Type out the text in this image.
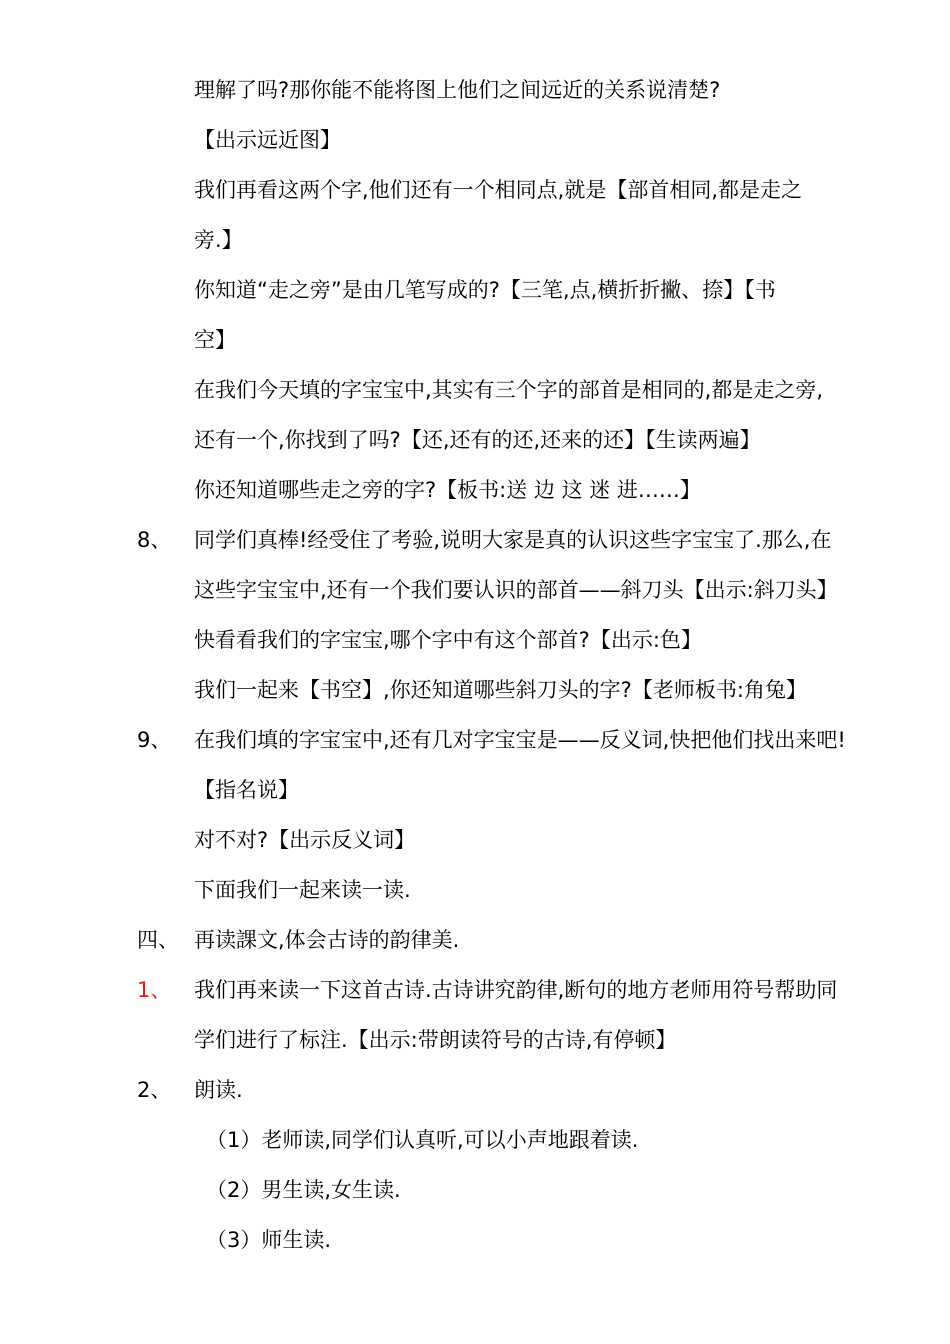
理解了吗?那你能不能将图上他们之间远近的关系说清楚?
【出示远近图】
我们再看这两个字,他们还有一个相同点,就是【部首相同,都是走之
旁.】
你知道“走之旁”是由几笔写成的?【三笔,点,横折折撇、捺】【书
空】
在我们今天填的字宝宝中,其实有三个字的部首是相同的,都是走之旁,
还有一个,你找到了吗?【还,还有的还,还来的还】【生读两遍】
你还知道哪些走之旁的字?【板书:送 边 这 迷 进……】
8、 同学们真棒!经受住了考验,说明大家是真的认识这些字宝宝了.那么,在
这些字宝宝中,还有一个我们要认识的部首——斜刀头【出示:斜刀头】
快看看我们的字宝宝,哪个字中有这个部首?【出示:色】
我们一起来【书空】,你还知道哪些斜刀头的字?【老师板书:角兔】
9、 在我们填的字宝宝中,还有几对字宝宝是——反义词,快把他们找出来吧!
【指名说】
对不对?【出示反义词】
下面我们一起来读一读.
四、 再读課文,体会古诗的韵律美.
1、 我们再来读一下这首古诗.古诗讲究韵律,断句的地方老师用符号帮助同
学们进行了标注.【出示:带朗读符号的古诗,有停顿】
2、 朗读.
（1）老师读,同学们认真听,可以小声地跟着读.
（2）男生读,女生读.
（3）师生读.
